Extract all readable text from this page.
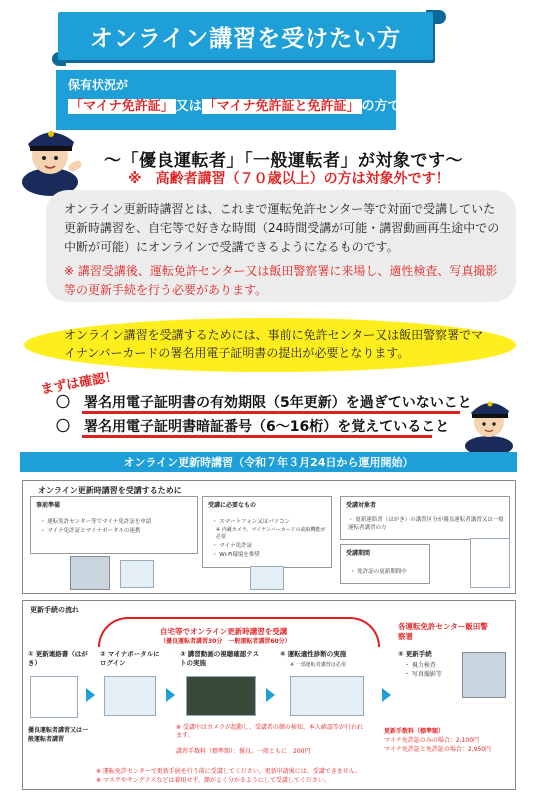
オンライン講習を受けたい方
保有状況が
「マイナ免許証」 又は 「マイナ免許証と免許証」 の方で
～「優良運転者」「一般運転者」が対象です～
※　高齢者講習（７０歳以上）の方は対象外です！
オンライン更新時講習とは、これまで運転免許センター等で対面で受講していた更新時講習を、自宅等で好きな時間（24時間受講が可能・講習動画再生途中での中断が可能）にオンラインで受講できるようになるものです。
※ 講習受講後、運転免許センター又は飯田警察署に来場し、適性検査、写真撮影等の更新手続を行う必要があります。
オンライン講習を受講するためには、事前に免許センター又は飯田警察署でマイナンバーカードの署名用電子証明書の提出が必要となります。
まずは確認！
〇　署名用電子証明書の有効期限（5年更新）を過ぎていないこと
〇　署名用電子証明書暗証番号（6～16桁）を覚えていること
オンライン更新時講習（令和７年３月24日から運用開始）
オンライン更新時講習を受講するために
事前準備
・ 運転免許センター等でマイナ免許証を申請
・ マイナ免許証とマイナポータルの連携
受講に必要なもの
・ スマートフォン又はパソコン
※ 内蔵カメラ、マイナンバーカードの読取機能が必要
・ マイナ免許証
・ Wi-Fi環境を推奨
受講対象者
・ 更新連絡書（はがき）の講習区分が優良運転者講習又は一般運転者講習の方
受講期間
・ 免許証の更新期間中
更新手続の流れ
自宅等でオンライン更新時講習を受講
（優良運転者講習30分　一般運転者講習60分）
各運転免許センター飯田警察署
① 更新連絡書（はがき）
優良運転者講習又は一般運転者講習
② マイナポータルにログイン
③ 講習動画の視聴確認テストの実施
④ 運転適性診断の実施
※ 一部運転者講習は必須
⑤ 更新手続
・ 視力検査
・ 写真撮影等
※ 受講中はカメラが起動し、受講者の顔の検知、本人確認等が行われます。
講習手数料（標準額）：優良、一般ともに　200円
更新手数料（標準額）
マイナ免許証のみの場合：2,100円
マイナ免許証と免許証の場合：2,950円
※ 運転免許センターで更新手続を行う前に受講してください。更新申請後には、受講できません。
※ マスクやサングラスなどは着用せず、顔がよく分かるようにして受講してください。
